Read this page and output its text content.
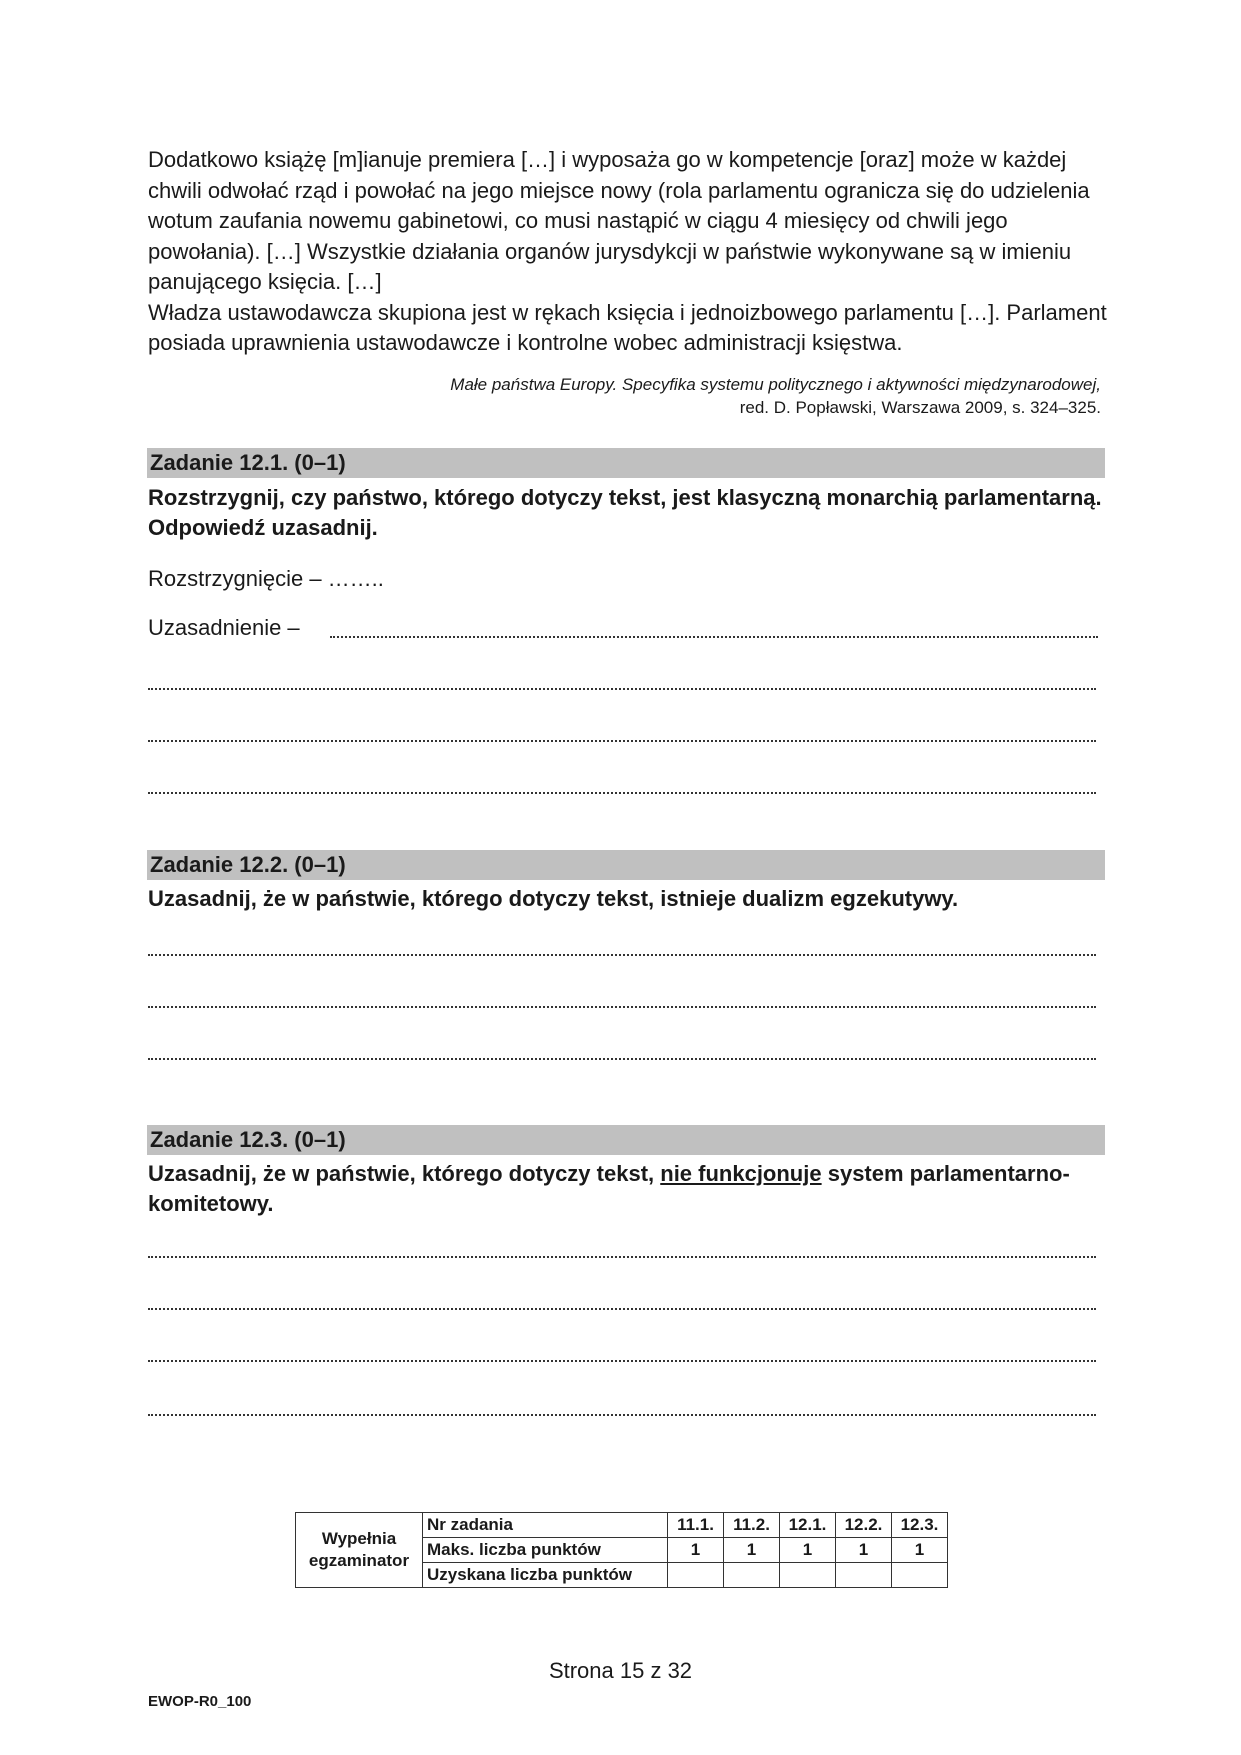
Dodatkowo książę [m]ianuje premiera […] i wyposaża go w kompetencje [oraz] może w każdej chwili odwołać rząd i powołać na jego miejsce nowy (rola parlamentu ogranicza się do udzielenia wotum zaufania nowemu gabinetowi, co musi nastąpić w ciągu 4 miesięcy od chwili jego powołania). […] Wszystkie działania organów jurysdykcji w państwie wykonywane są w imieniu panującego księcia. […]

Władza ustawodawcza skupiona jest w rękach księcia i jednoizbowego parlamentu […]. Parlament posiada uprawnienia ustawodawcze i kontrolne wobec administracji księstwa.

Małe państwa Europy. Specyfika systemu politycznego i aktywności międzynarodowej,
red. D. Popławski, Warszawa 2009, s. 324–325.
Zadanie 12.1. (0–1)
Rozstrzygnij, czy państwo, którego dotyczy tekst, jest klasyczną monarchią parlamentarną. Odpowiedź uzasadnij.
Rozstrzygnięcie – ……..
Uzasadnienie –
Zadanie 12.2. (0–1)
Uzasadnij, że w państwie, którego dotyczy tekst, istnieje dualizm egzekutywy.
Zadanie 12.3. (0–1)
Uzasadnij, że w państwie, którego dotyczy tekst, nie funkcjonuje system parlamentarno-komitetowy.
Wypełnia egzaminator	Nr zadania	11.1.	11.2.	12.1.	12.2.	12.3.
	Maks. liczba punktów	1	1	1	1	1
	Uzyskana liczba punktów					
Strona 15 z 32
EWOP-R0_100
